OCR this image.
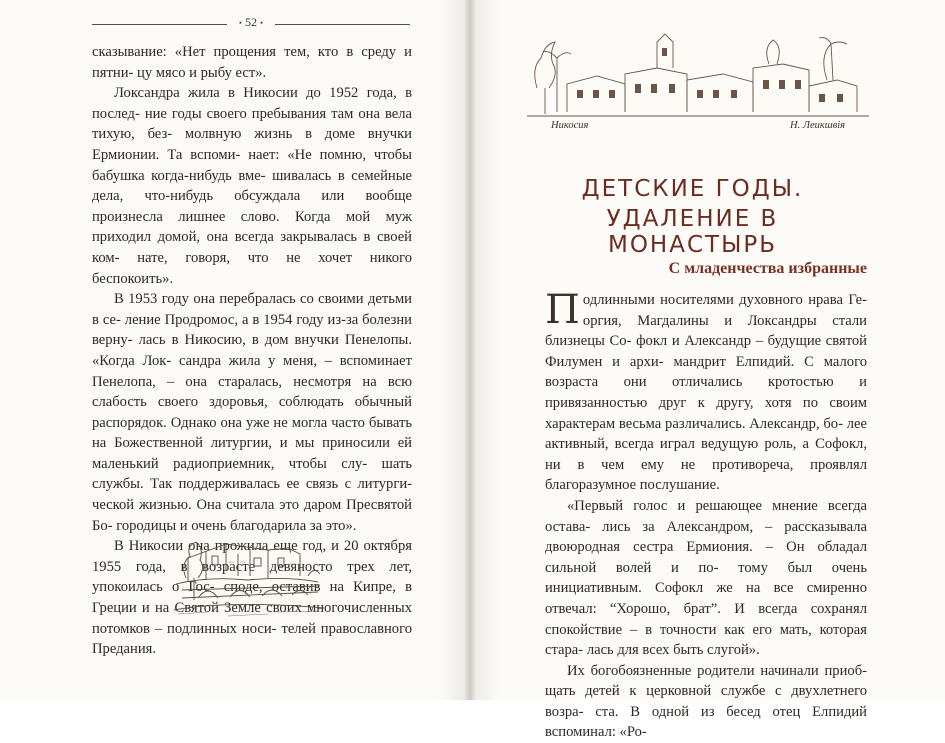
• 52 •

сказывание: «Нет прощения тем, кто в среду и пятни- цу мясо и рыбу ест».

Локсандра жила в Никосии до 1952 года, в послед- ние годы своего пребывания там она вела тихую, без- молвную жизнь в доме внучки Ермионии. Та вспоми- нает: «Не помню, чтобы бабушка когда-нибудь вме- шивалась в семейные дела, что-нибудь обсуждала или вообще произнесла лишнее слово. Когда мой муж приходил домой, она всегда закрывалась в своей ком- нате, говоря, что не хочет никого беспокоить».

В 1953 году она перебралась со своими детьми в се- ление Продромос, а в 1954 году из-за болезни верну- лась в Никосию, в дом внучки Пенелопы. «Когда Лок- сандра жила у меня, – вспоминает Пенелопа, – она старалась, несмотря на всю слабость своего здоровья, соблюдать обычный распорядок. Однако она уже не могла часто бывать на Божественной литургии, и мы приносили ей маленький радиоприемник, чтобы слу- шать службы. Так поддерживалась ее связь с литурги- ческой жизнью. Она считала это даром Пресвятой Бо- городицы и очень благодарила за это».

В Никосии она прожила еще год, и 20 октября 1955 года, в возрасте девяносто трех лет, упокоилась о Гос- споде, оставив на Кипре, в Греции и на Святой Земле своих многочисленных потомков – подлинных носи- телей православного Предания.

Никосия	Н. Леикшвія
ДЕТСКИЕ ГОДЫ.
УДАЛЕНИЕ В МОНАСТЫРЬ
С младенчества избранные

Подлинными носителями духовного нрава Ге- оргия, Магдалины и Локсандры стали близнецы Со- фокл и Александр – будущие святой Филумен и архи- мандрит Елпидий. С малого возраста они отличались кротостью и привязанностью друг к другу, хотя по своим характерам весьма различались. Александр, бо- лее активный, всегда играл ведущую роль, а Софокл, ни в чем ему не противореча, проявлял благоразумное послушание.

«Первый голос и решающее мнение всегда остава- лись за Александром, – рассказывала двоюродная сестра Ермиония. – Он обладал сильной волей и по- тому был очень инициативным. Софокл же на все смиренно отвечал: “Хорошо, брат”. И всегда сохранял спокойствие – в точности как его мать, которая стара- лась для всех быть слугой».

Их богобоязненные родители начинали приоб- щать детей к церковной службе с двухлетнего возра- ста. В одной из бесед отец Елпидий вспоминал: «Ро-
